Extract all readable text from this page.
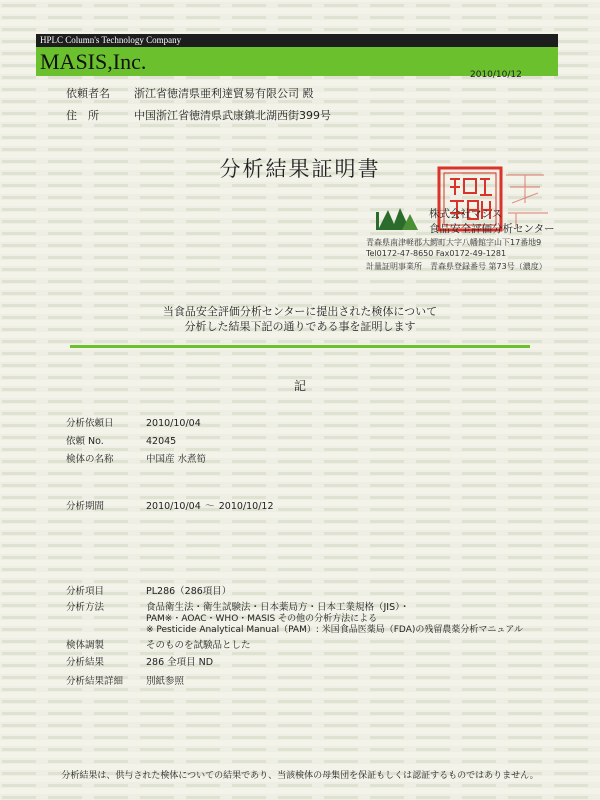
HPLC Column's Technology Company
MASIS,Inc.
2010/10/12
依頼者名 浙江省徳清県亜利達貿易有限公司 殿
住　所	中国浙江省徳清県武康鎮北湖西街399号
分析結果証明書
株式会社マシス
食品安全評価分析センター
青森県南津軽郡大鰐町大字八幡館字山下17番地9
Tel0172-47-8650 Fax0172-49-1281
計量証明事業所　青森県登録番号 第73号（濃度）
当食品安全評価分析センターに提出された検体について
分析した結果下記の通りである事を証明します
記
分析依頼日	2010/10/04
依頼 No.	42045
検体の名称	中国産 水煮筍
分析期間	2010/10/04 ～ 2010/10/12
分析項目	PL286（286項目）
分析方法	食品衛生法・衛生試験法・日本薬局方・日本工業規格（JIS）・
PAM※・AOAC・WHO・MASIS その他の分析方法による
※ Pesticide Analytical Manual（PAM）: 米国食品医薬局（FDA)の残留農薬分析マニュアル
検体調製	そのものを試験品とした
分析結果	286 全項目 ND
分析結果詳細 別紙参照
分析結果は、供与された検体についての結果であり、当該検体の母集団を保証もしくは認証するものではありません。
